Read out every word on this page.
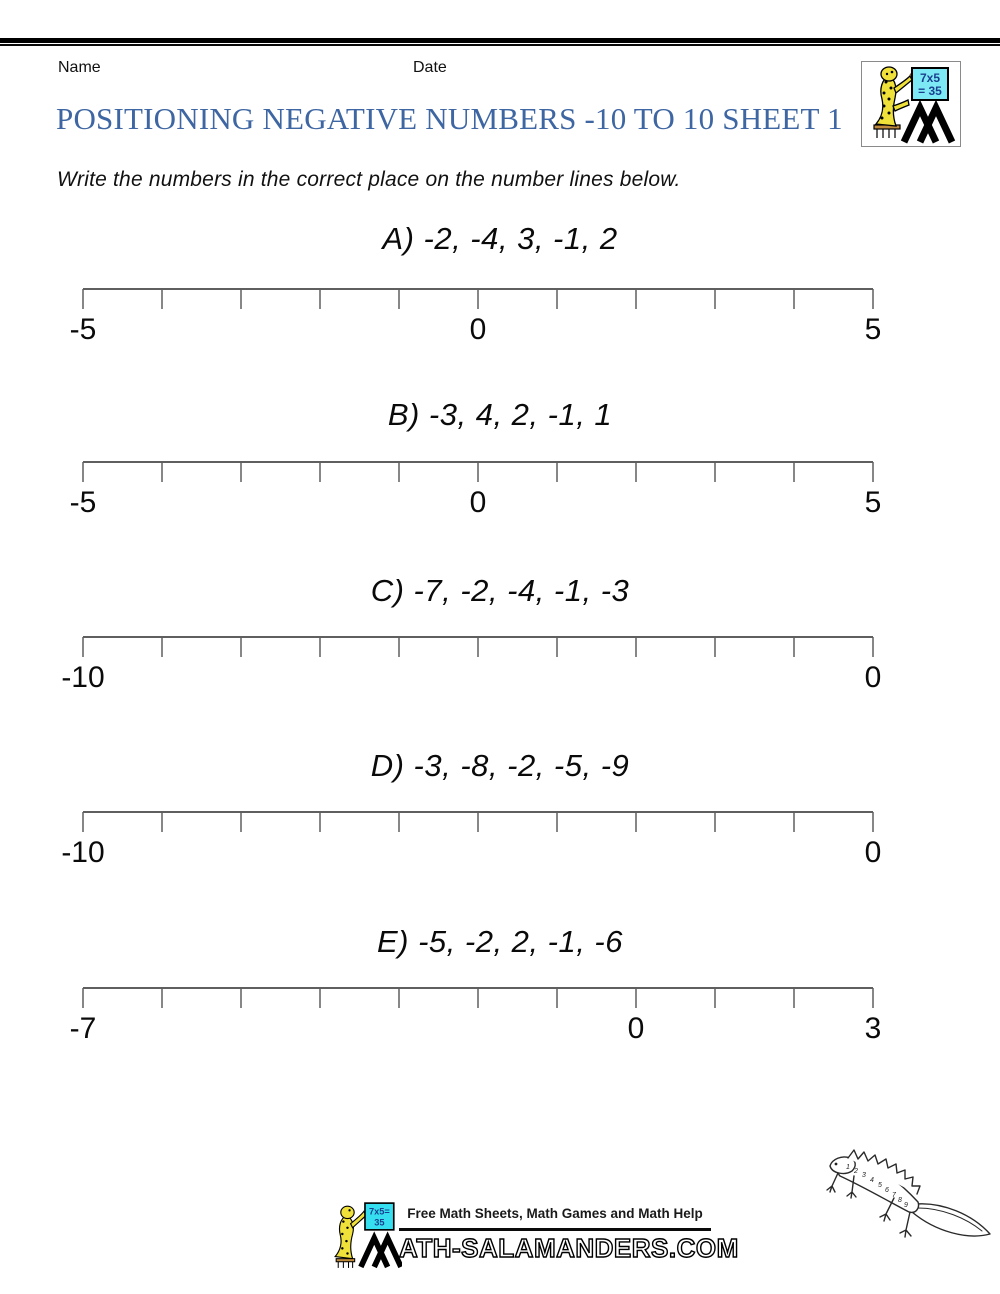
Name	Date
POSITIONING NEGATIVE NUMBERS -10 TO 10 SHEET 1
7x5
= 35

Write the numbers in the correct place on the number lines below.

A) -2, -4, 3, -1, 2
-5	0	5
B) -3, 4, 2, -1, 1
-5	0	5
C) -7, -2, -4, -1, -3
-10	0
D) -3, -8, -2, -5, -9
-10	0
E) -5, -2, 2, -1, -6
-7	0	3
1
2
3
4
5
6
7
8
9
7x5=
35
Free Math Sheets, Math Games and Math Help
ATH-SALAMANDERS.COM
